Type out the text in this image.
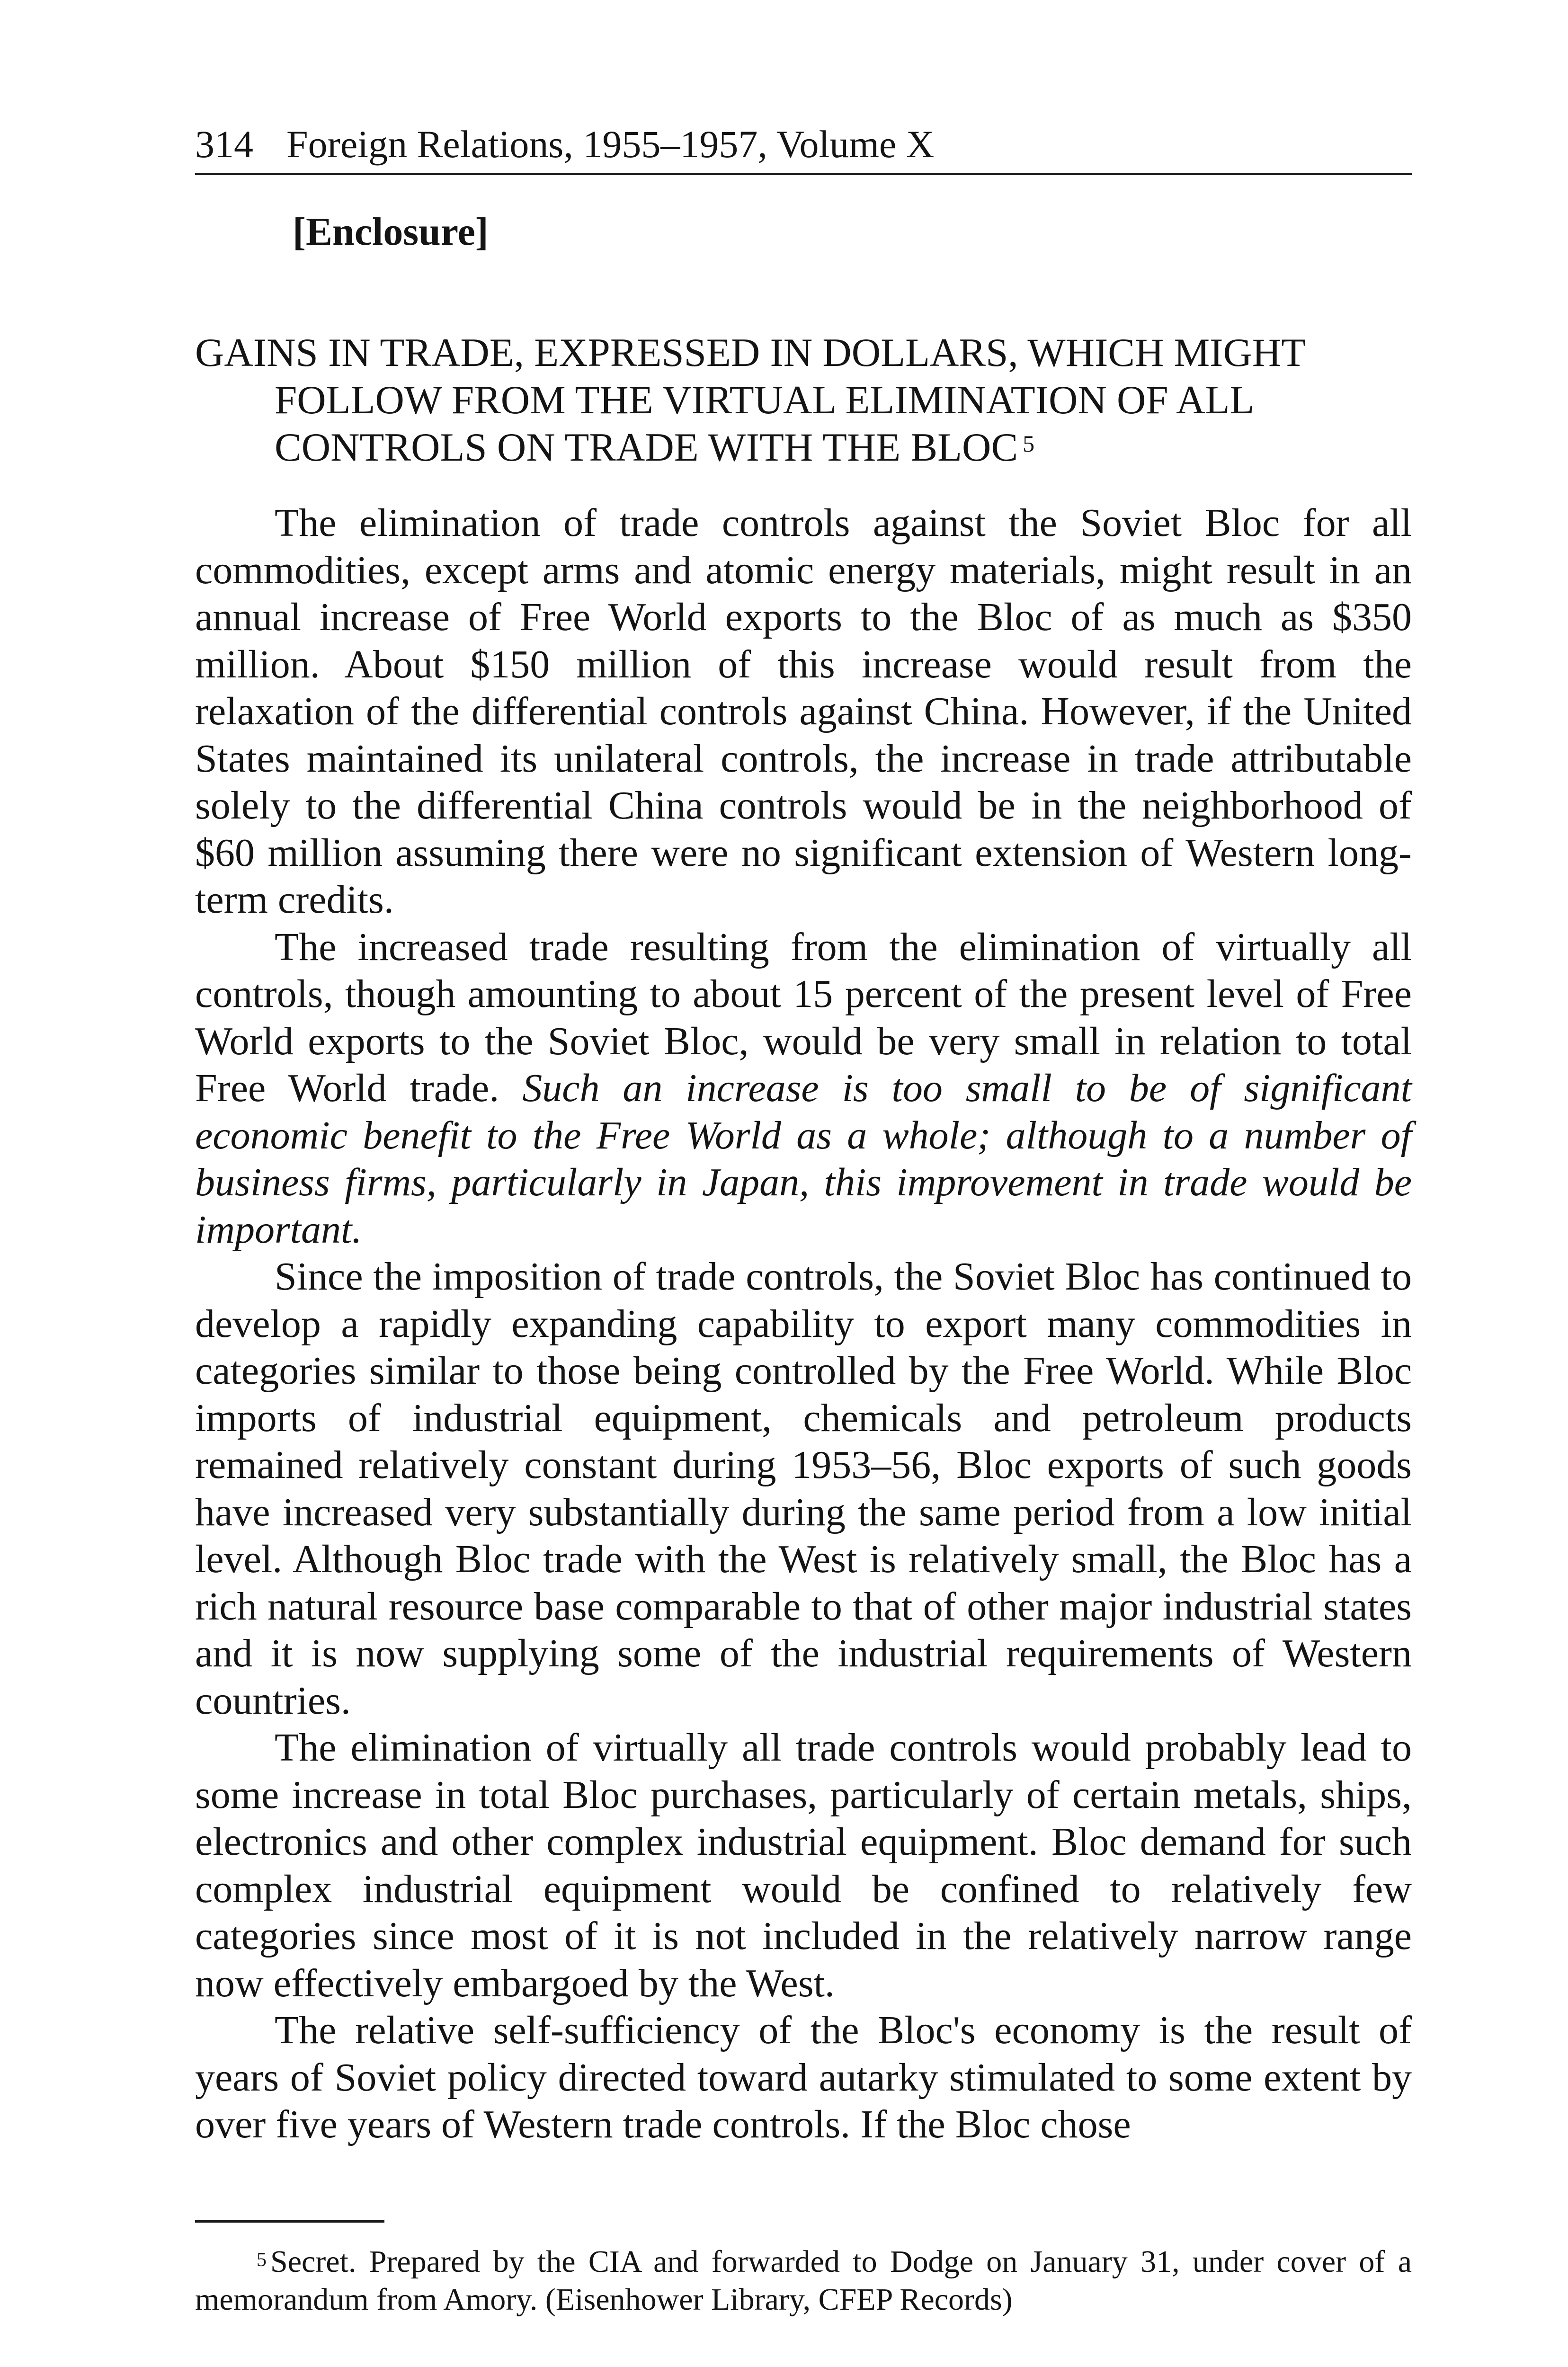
314 Foreign Relations, 1955–1957, Volume X
[Enclosure]
GAINS IN TRADE, EXPRESSED IN DOLLARS, WHICH MIGHT
FOLLOW FROM THE VIRTUAL ELIMINATION OF ALL
CONTROLS ON TRADE WITH THE BLOC $^5$

The elimination of trade controls against the Soviet Bloc for all commodities, except arms and atomic energy materials, might result in an annual increase of Free World exports to the Bloc of as much as $350 million. About $150 million of this increase would result from the relaxation of the differential controls against China. However, if the United States maintained its unilateral controls, the increase in trade attributable solely to the differential China controls would be in the neighborhood of $60 million assuming there were no significant extension of Western long-term credits.

The increased trade resulting from the elimination of virtually all controls, though amounting to about 15 percent of the present level of Free World exports to the Soviet Bloc, would be very small in relation to total Free World trade. Such an increase is too small to be of significant economic benefit to the Free World as a whole; although to a number of business firms, particularly in Japan, this improvement in trade would be important.

Since the imposition of trade controls, the Soviet Bloc has continued to develop a rapidly expanding capability to export many commodities in categories similar to those being controlled by the Free World. While Bloc imports of industrial equipment, chemicals and petroleum products remained relatively constant during 1953–56, Bloc exports of such goods have increased very substantially during the same period from a low initial level. Although Bloc trade with the West is relatively small, the Bloc has a rich natural resource base comparable to that of other major industrial states and it is now supplying some of the industrial requirements of Western countries.

The elimination of virtually all trade controls would probably lead to some increase in total Bloc purchases, particularly of certain metals, ships, electronics and other complex industrial equipment. Bloc demand for such complex industrial equipment would be confined to relatively few categories since most of it is not included in the relatively narrow range now effectively embargoed by the West.

The relative self-sufficiency of the Bloc's economy is the result of years of Soviet policy directed toward autarky stimulated to some extent by over five years of Western trade controls. If the Bloc chose

$^5$ Secret. Prepared by the CIA and forwarded to Dodge on January 31, under cover of a memorandum from Amory. (Eisenhower Library, CFEP Records)
